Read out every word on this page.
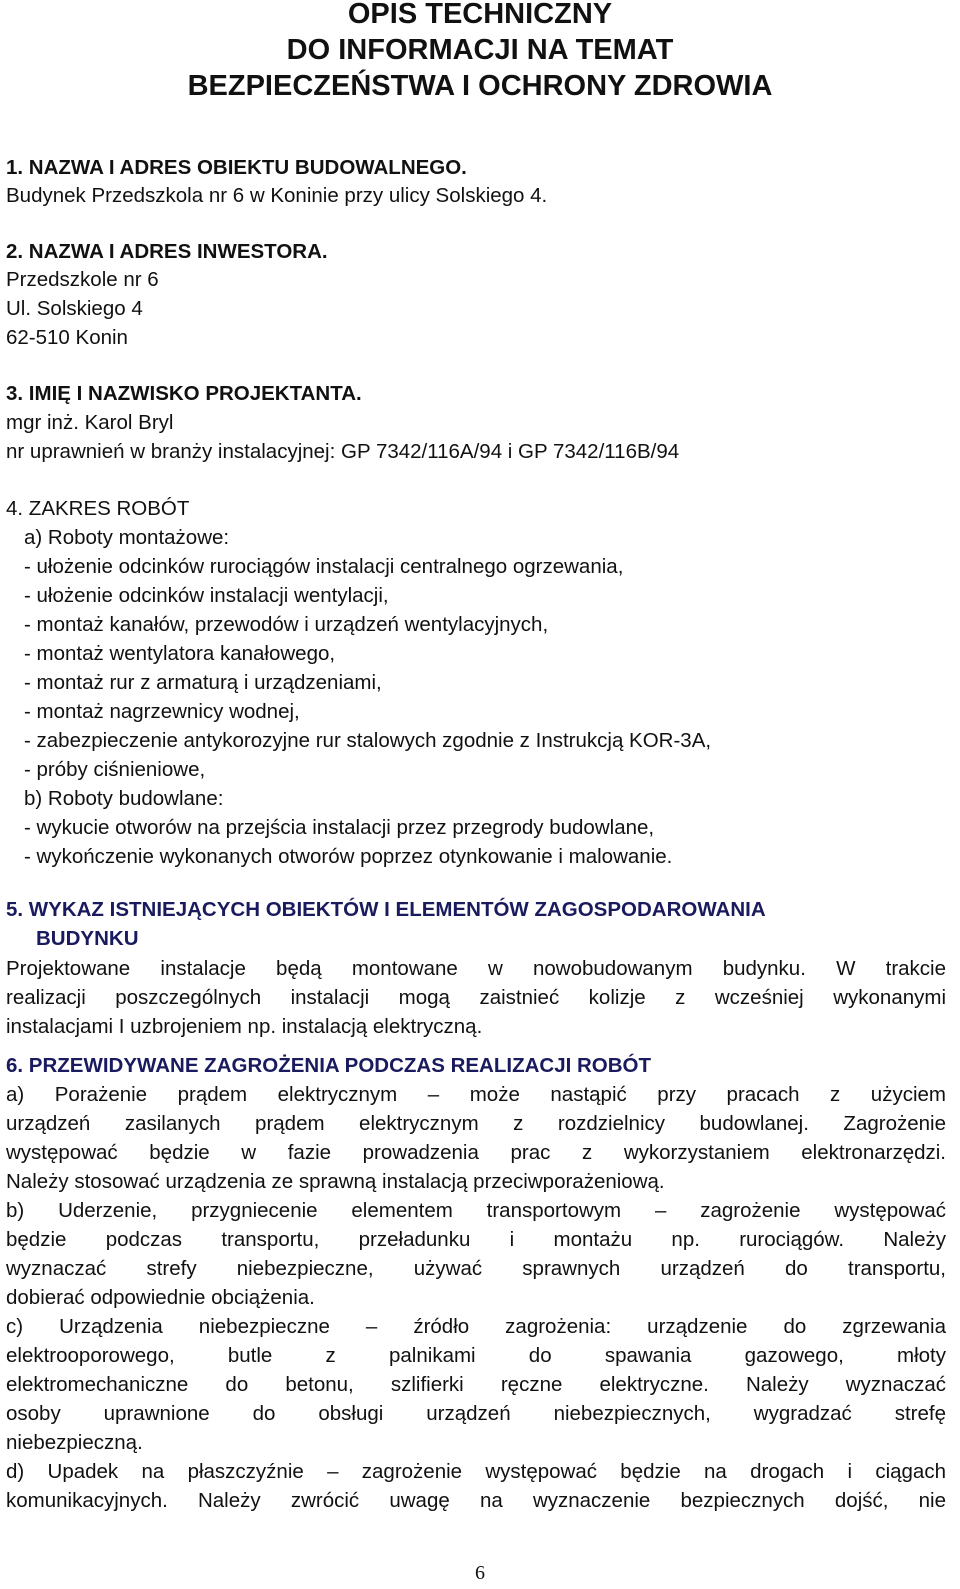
OPIS TECHNICZNY
DO INFORMACJI NA TEMAT
BEZPIECZEŃSTWA I OCHRONY ZDROWIA
1. NAZWA I ADRES OBIEKTU BUDOWALNEGO.
Budynek Przedszkola nr 6 w Koninie przy ulicy Solskiego 4.
2. NAZWA I ADRES INWESTORA.
Przedszkole nr 6
Ul. Solskiego 4
62-510 Konin
3. IMIĘ I NAZWISKO PROJEKTANTA.
mgr inż. Karol Bryl
nr uprawnień w branży instalacyjnej: GP 7342/116A/94 i GP 7342/116B/94
4. ZAKRES ROBÓT
a) Roboty montażowe:
- ułożenie odcinków rurociągów instalacji centralnego ogrzewania,
- ułożenie odcinków instalacji wentylacji,
- montaż kanałów, przewodów i urządzeń wentylacyjnych,
- montaż wentylatora kanałowego,
- montaż rur z armaturą i urządzeniami,
- montaż nagrzewnicy wodnej,
- zabezpieczenie antykorozyjne rur stalowych zgodnie z Instrukcją KOR-3A,
- próby ciśnieniowe,
b) Roboty budowlane:
- wykucie otworów na przejścia instalacji przez przegrody budowlane,
- wykończenie wykonanych otworów poprzez otynkowanie i malowanie.
5. WYKAZ ISTNIEJĄCYCH OBIEKTÓW I ELEMENTÓW ZAGOSPODAROWANIA
BUDYNKU
Projektowane instalacje będą montowane w nowobudowanym budynku. W trakcie
realizacji poszczególnych instalacji mogą zaistnieć kolizje z wcześniej wykonanymi
instalacjami I uzbrojeniem np. instalacją elektryczną.
6. PRZEWIDYWANE ZAGROŻENIA PODCZAS REALIZACJI ROBÓT
a) Porażenie prądem elektrycznym – może nastąpić przy pracach z użyciem
urządzeń zasilanych prądem elektrycznym z rozdzielnicy budowlanej. Zagrożenie
występować będzie w fazie prowadzenia prac z wykorzystaniem elektronarzędzi.
Należy stosować urządzenia ze sprawną instalacją przeciwporażeniową.
b) Uderzenie, przygniecenie elementem transportowym – zagrożenie występować
będzie podczas transportu, przeładunku i montażu np. rurociągów. Należy
wyznaczać strefy niebezpieczne, używać sprawnych urządzeń do transportu,
dobierać odpowiednie obciążenia.
c) Urządzenia niebezpieczne – źródło zagrożenia: urządzenie do zgrzewania
elektrooporowego, butle z palnikami do spawania gazowego, młoty
elektromechaniczne do betonu, szlifierki ręczne elektryczne. Należy wyznaczać
osoby uprawnione do obsługi urządzeń niebezpiecznych, wygradzać strefę
niebezpieczną.
d) Upadek na płaszczyźnie – zagrożenie występować będzie na drogach i ciągach
komunikacyjnych. Należy zwrócić uwagę na wyznaczenie bezpiecznych dojść, nie
6
